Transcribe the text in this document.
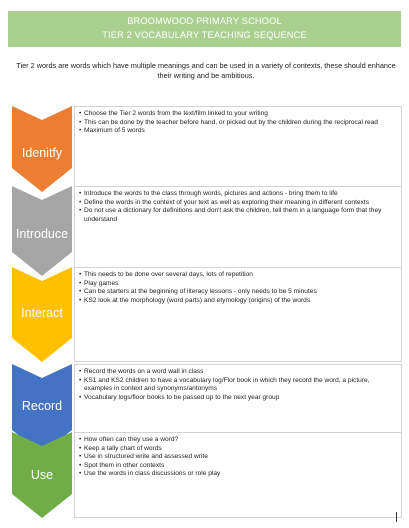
BROOMWOOD PRIMARY SCHOOL
TIER 2 VOCABULARY TEACHING SEQUENCE
Tier 2 words are words which have multiple meanings and can be used in a variety of contexts, these should enhance their writing and be ambitious.
Idenitfy
• Choose the Tier 2 words from the text/film linked to your writing
• This can be done by the teacher before hand, or picked out by the children during the reciprocal read
• Maximum of 5 words
Introduce
• Introduce the words to the class through words, pictures and actions - bring them to life
• Define the words in the context of your text as well as exploring their meaning in different contexts
• Do not use a dictionary for definitions and don't ask the children, tell them in a language form that they understand
Interact
• This needs to be done over several days, lots of repetition
• Play games
• Can be starters at the beginning of literacy lessons - only needs to be 5 minutes
• KS2 look at the morphology (word parts) and etymology (origins) of the words
Record
• Record the words on a word wall in class
• KS1 and KS2 children to have a vocabulary log/Flor book in which they record the word, a picture, examples in context and synonyms/antonyms
• Vocabulary logs/floor books to be passed up to the next year group
Use
• How often can they use a word?
• Keep a tally chart of words
• Use in structured write and assessed write
• Spot them in other contexts
• Use the words in class discussions or role play
